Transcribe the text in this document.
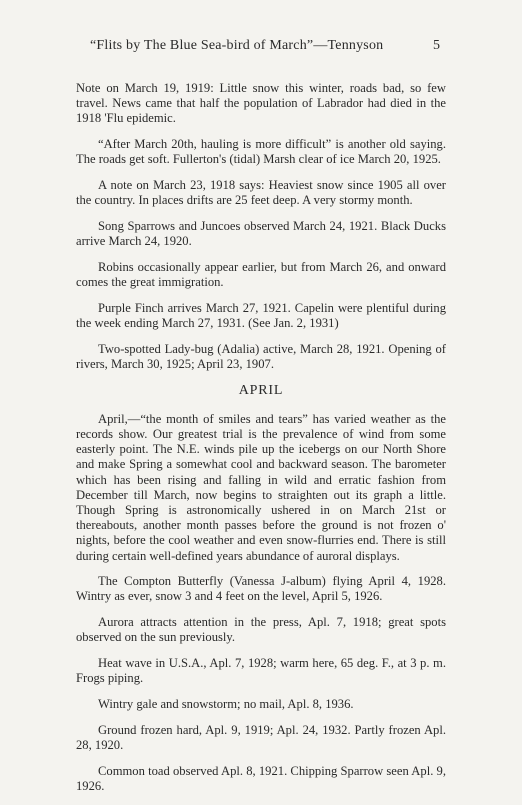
“Flits by The Blue Sea-bird of March”—Tennyson	5

Note on March 19, 1919: Little snow this winter, roads bad, so few travel. News came that half the population of Labrador had died in the 1918 'Flu epidemic.

“After March 20th, hauling is more difficult” is another old saying. The roads get soft. Fullerton's (tidal) Marsh clear of ice March 20, 1925.

A note on March 23, 1918 says: Heaviest snow since 1905 all over the country. In places drifts are 25 feet deep. A very stormy month.

Song Sparrows and Juncoes observed March 24, 1921. Black Ducks arrive March 24, 1920.

Robins occasionally appear earlier, but from March 26, and onward comes the great immigration.

Purple Finch arrives March 27, 1921. Capelin were plentiful during the week ending March 27, 1931. (See Jan. 2, 1931)

Two-spotted Lady-bug (Adalia) active, March 28, 1921. Opening of rivers, March 30, 1925; April 23, 1907.

APRIL

April,—“the month of smiles and tears” has varied weather as the records show. Our greatest trial is the prevalence of wind from some easterly point. The N.E. winds pile up the icebergs on our North Shore and make Spring a somewhat cool and backward season. The barometer which has been rising and falling in wild and erratic fashion from December till March, now begins to straighten out its graph a little. Though Spring is astronomically ushered in on March 21st or thereabouts, another month passes before the ground is not frozen o' nights, before the cool weather and even snow-flurries end. There is still during certain well-defined years abundance of auroral displays.

The Compton Butterfly (Vanessa J-album) flying April 4, 1928. Wintry as ever, snow 3 and 4 feet on the level, April 5, 1926.

Aurora attracts attention in the press, Apl. 7, 1918; great spots observed on the sun previously.

Heat wave in U.S.A., Apl. 7, 1928; warm here, 65 deg. F., at 3 p. m. Frogs piping.

Wintry gale and snowstorm; no mail, Apl. 8, 1936.

Ground frozen hard, Apl. 9, 1919; Apl. 24, 1932. Partly frozen Apl. 28, 1920.

Common toad observed Apl. 8, 1921. Chipping Sparrow seen Apl. 9, 1926.
